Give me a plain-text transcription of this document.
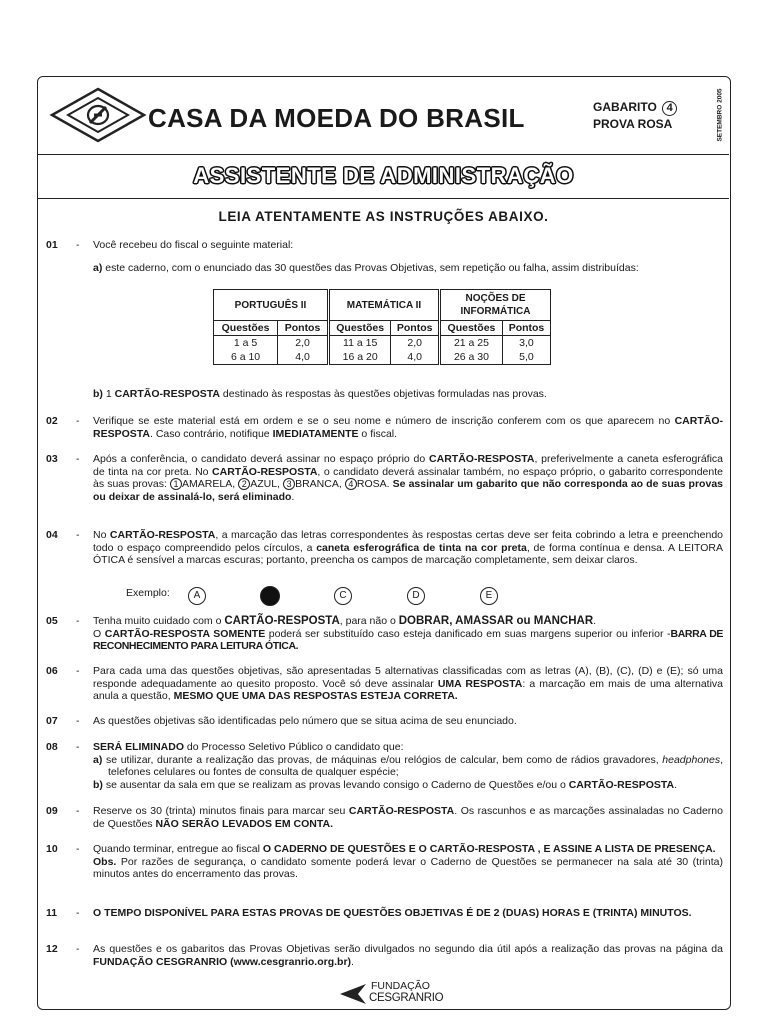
CASA DA MOEDA DO BRASIL	GABARITO 4
PROVA ROSA	SETEMBRO 2005
ASSISTENTE DE ADMINISTRAÇÃO
LEIA ATENTAMENTE AS INSTRUÇÕES ABAIXO.
01 - Você recebeu do fiscal o seguinte material:
a) este caderno, com o enunciado das 30 questões das Provas Objetivas, sem repetição ou falha, assim distribuídas:
PORTUGUÊS II		MATEMÁTICA II		NOÇÕES DE INFORMÁTICA	
Questões	Pontos	Questões	Pontos	Questões	Pontos
1 a 5	2,0	11 a 15	2,0	21 a 25	3,0
6 a 10	4,0	16 a 20	4,0	26 a 30	5,0
b) 1 CARTÃO-RESPOSTA destinado às respostas às questões objetivas formuladas nas provas.
02 - Verifique se este material está em ordem e se o seu nome e número de inscrição conferem com os que aparecem no CARTÃO-RESPOSTA. Caso contrário, notifique IMEDIATAMENTE o fiscal.
03 - Após a conferência, o candidato deverá assinar no espaço próprio do CARTÃO-RESPOSTA, preferivelmente a caneta esferográfica de tinta na cor preta. No CARTÃO-RESPOSTA, o candidato deverá assinalar também, no espaço próprio, o gabarito correspondente às suas provas: 1 AMARELA, 2 AZUL, 3 BRANCA, 4 ROSA. Se assinalar um gabarito que não corresponda ao de suas provas ou deixar de assinalá-lo, será eliminado.
04 - No CARTÃO-RESPOSTA, a marcação das letras correspondentes às respostas certas deve ser feita cobrindo a letra e preenchendo todo o espaço compreendido pelos círculos, a caneta esferográfica de tinta na cor preta, de forma contínua e densa. A LEITORA ÓTICA é sensível a marcas escuras; portanto, preencha os campos de marcação completamente, sem deixar claros.
Exemplo:	A	C	D	E
05 - Tenha muito cuidado com o CARTÃO-RESPOSTA, para não o DOBRAR, AMASSAR ou MANCHAR.
O CARTÃO-RESPOSTA SOMENTE poderá ser substituído caso esteja danificado em suas margens superior ou inferior -BARRA DE RECONHECIMENTO PARA LEITURA ÓTICA.
06 - Para cada uma das questões objetivas, são apresentadas 5 alternativas classificadas com as letras (A), (B), (C), (D) e (E); só uma responde adequadamente ao quesito proposto. Você só deve assinalar UMA RESPOSTA: a marcação em mais de uma alternativa anula a questão, MESMO QUE UMA DAS RESPOSTAS ESTEJA CORRETA.
07 - As questões objetivas são identificadas pelo número que se situa acima de seu enunciado.
08 - SERÁ ELIMINADO do Processo Seletivo Público o candidato que:
a) se utilizar, durante a realização das provas, de máquinas e/ou relógios de calcular, bem como de rádios gravadores, headphones, telefones celulares ou fontes de consulta de qualquer espécie;
b) se ausentar da sala em que se realizam as provas levando consigo o Caderno de Questões e/ou o CARTÃO-RESPOSTA.
09 - Reserve os 30 (trinta) minutos finais para marcar seu CARTÃO-RESPOSTA. Os rascunhos e as marcações assinaladas no Caderno de Questões NÃO SERÃO LEVADOS EM CONTA.
10 - Quando terminar, entregue ao fiscal O CADERNO DE QUESTÕES E O CARTÃO-RESPOSTA , E ASSINE A LISTA DE PRESENÇA.
Obs. Por razões de segurança, o candidato somente poderá levar o Caderno de Questões se permanecer na sala até 30 (trinta) minutos antes do encerramento das provas.
11 - O TEMPO DISPONÍVEL PARA ESTAS PROVAS DE QUESTÕES OBJETIVAS É DE 2 (DUAS) HORAS E (TRINTA) MINUTOS.
12 - As questões e os gabaritos das Provas Objetivas serão divulgados no segundo dia útil após a realização das provas na página da FUNDAÇÃO CESGRANRIO (www.cesgranrio.org.br).
FUNDAÇÃO
CESGRANRIO
